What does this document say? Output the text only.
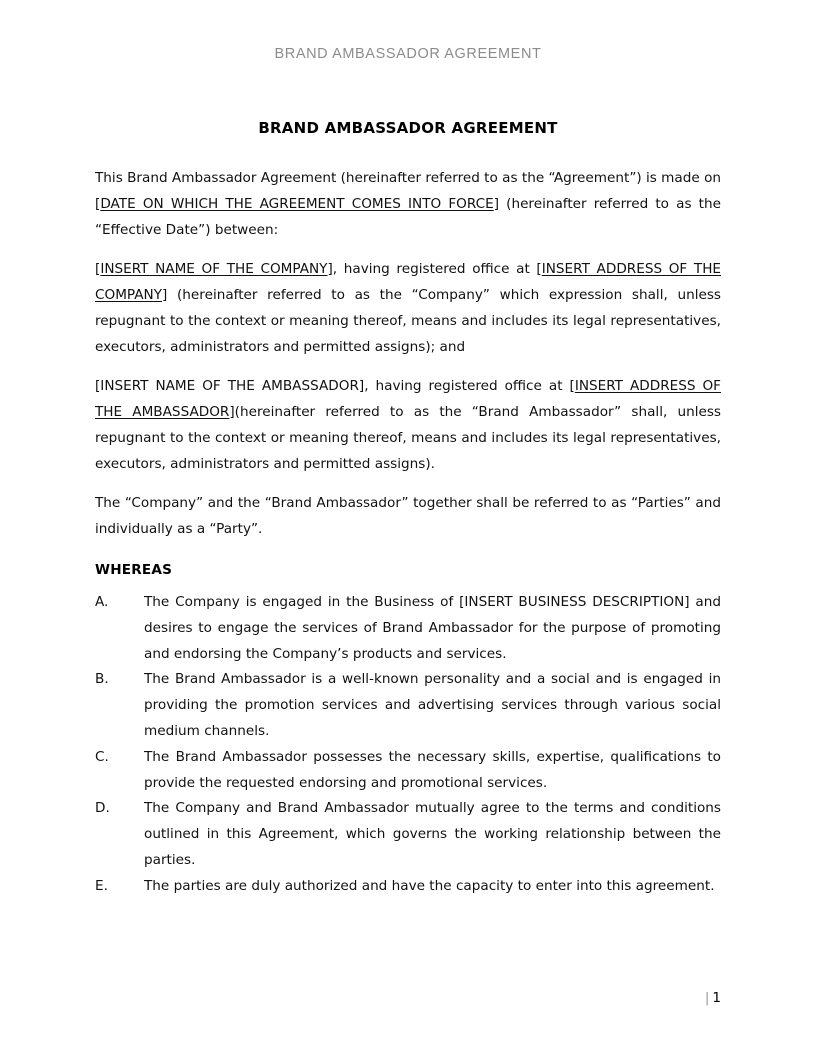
BRAND AMBASSADOR AGREEMENT
BRAND AMBASSADOR AGREEMENT

This Brand Ambassador Agreement (hereinafter referred to as the “Agreement”) is made on [DATE ON WHICH THE AGREEMENT COMES INTO FORCE] (hereinafter referred to as the “Effective Date”) between:

[INSERT NAME OF THE COMPANY], having registered office at [INSERT ADDRESS OF THE COMPANY] (hereinafter referred to as the “Company” which expression shall, unless repugnant to the context or meaning thereof, means and includes its legal representatives, executors, administrators and permitted assigns); and

[INSERT NAME OF THE AMBASSADOR], having registered office at [INSERT ADDRESS OF THE AMBASSADOR](hereinafter referred to as the “Brand Ambassador” shall, unless repugnant to the context or meaning thereof, means and includes its legal representatives, executors, administrators and permitted assigns).

The “Company” and the “Brand Ambassador” together shall be referred to as “Parties” and individually as a “Party”.

WHEREAS
A.	The Company is engaged in the Business of [INSERT BUSINESS DESCRIPTION] and desires to engage the services of Brand Ambassador for the purpose of promoting and endorsing the Company’s products and services.
B.	The Brand Ambassador is a well-known personality and a social and is engaged in providing the promotion services and advertising services through various social medium channels.
C.	The Brand Ambassador possesses the necessary skills, expertise, qualifications to provide the requested endorsing and promotional services.
D.	The Company and Brand Ambassador mutually agree to the terms and conditions outlined in this Agreement, which governs the working relationship between the parties.
E.	The parties are duly authorized and have the capacity to enter into this agreement.
| 1
